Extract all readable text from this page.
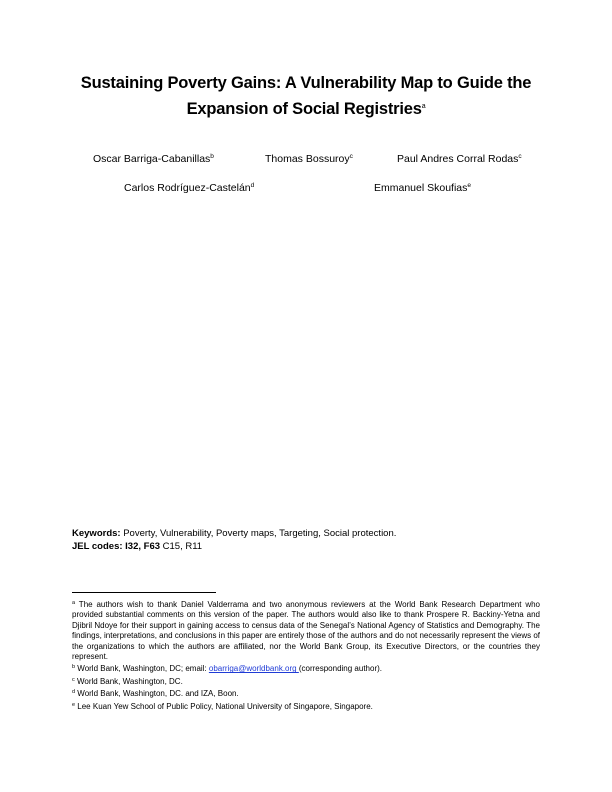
Sustaining Poverty Gains: A Vulnerability Map to Guide the
Expansion of Social Registries$^a$
Oscar Barriga-Cabanillas$^b$	Thomas Bossuroy$^c$	Paul Andres Corral Rodas$^c$
Carlos Rodríguez-Castelán$^d$	Emmanuel Skoufias$^e$
Keywords: Poverty, Vulnerability, Poverty maps, Targeting, Social protection.
JEL codes: I32, F63 C15, R11

$^a$ The authors wish to thank Daniel Valderrama and two anonymous reviewers at the World Bank Research Department who provided substantial comments on this version of the paper. The authors would also like to thank Prospere R. Backiny-Yetna and Djibril Ndoye for their support in gaining access to census data of the Senegal’s National Agency of Statistics and Demography. The findings, interpretations, and conclusions in this paper are entirely those of the authors and do not necessarily represent the views of the organizations to which the authors are affiliated, nor the World Bank Group, its Executive Directors, or the countries they represent.

$^b$ World Bank, Washington, DC; email: obarriga@worldbank.org (corresponding author).

$^c$ World Bank, Washington, DC.

$^d$ World Bank, Washington, DC. and IZA, Boon.

$^e$ Lee Kuan Yew School of Public Policy, National University of Singapore, Singapore.
